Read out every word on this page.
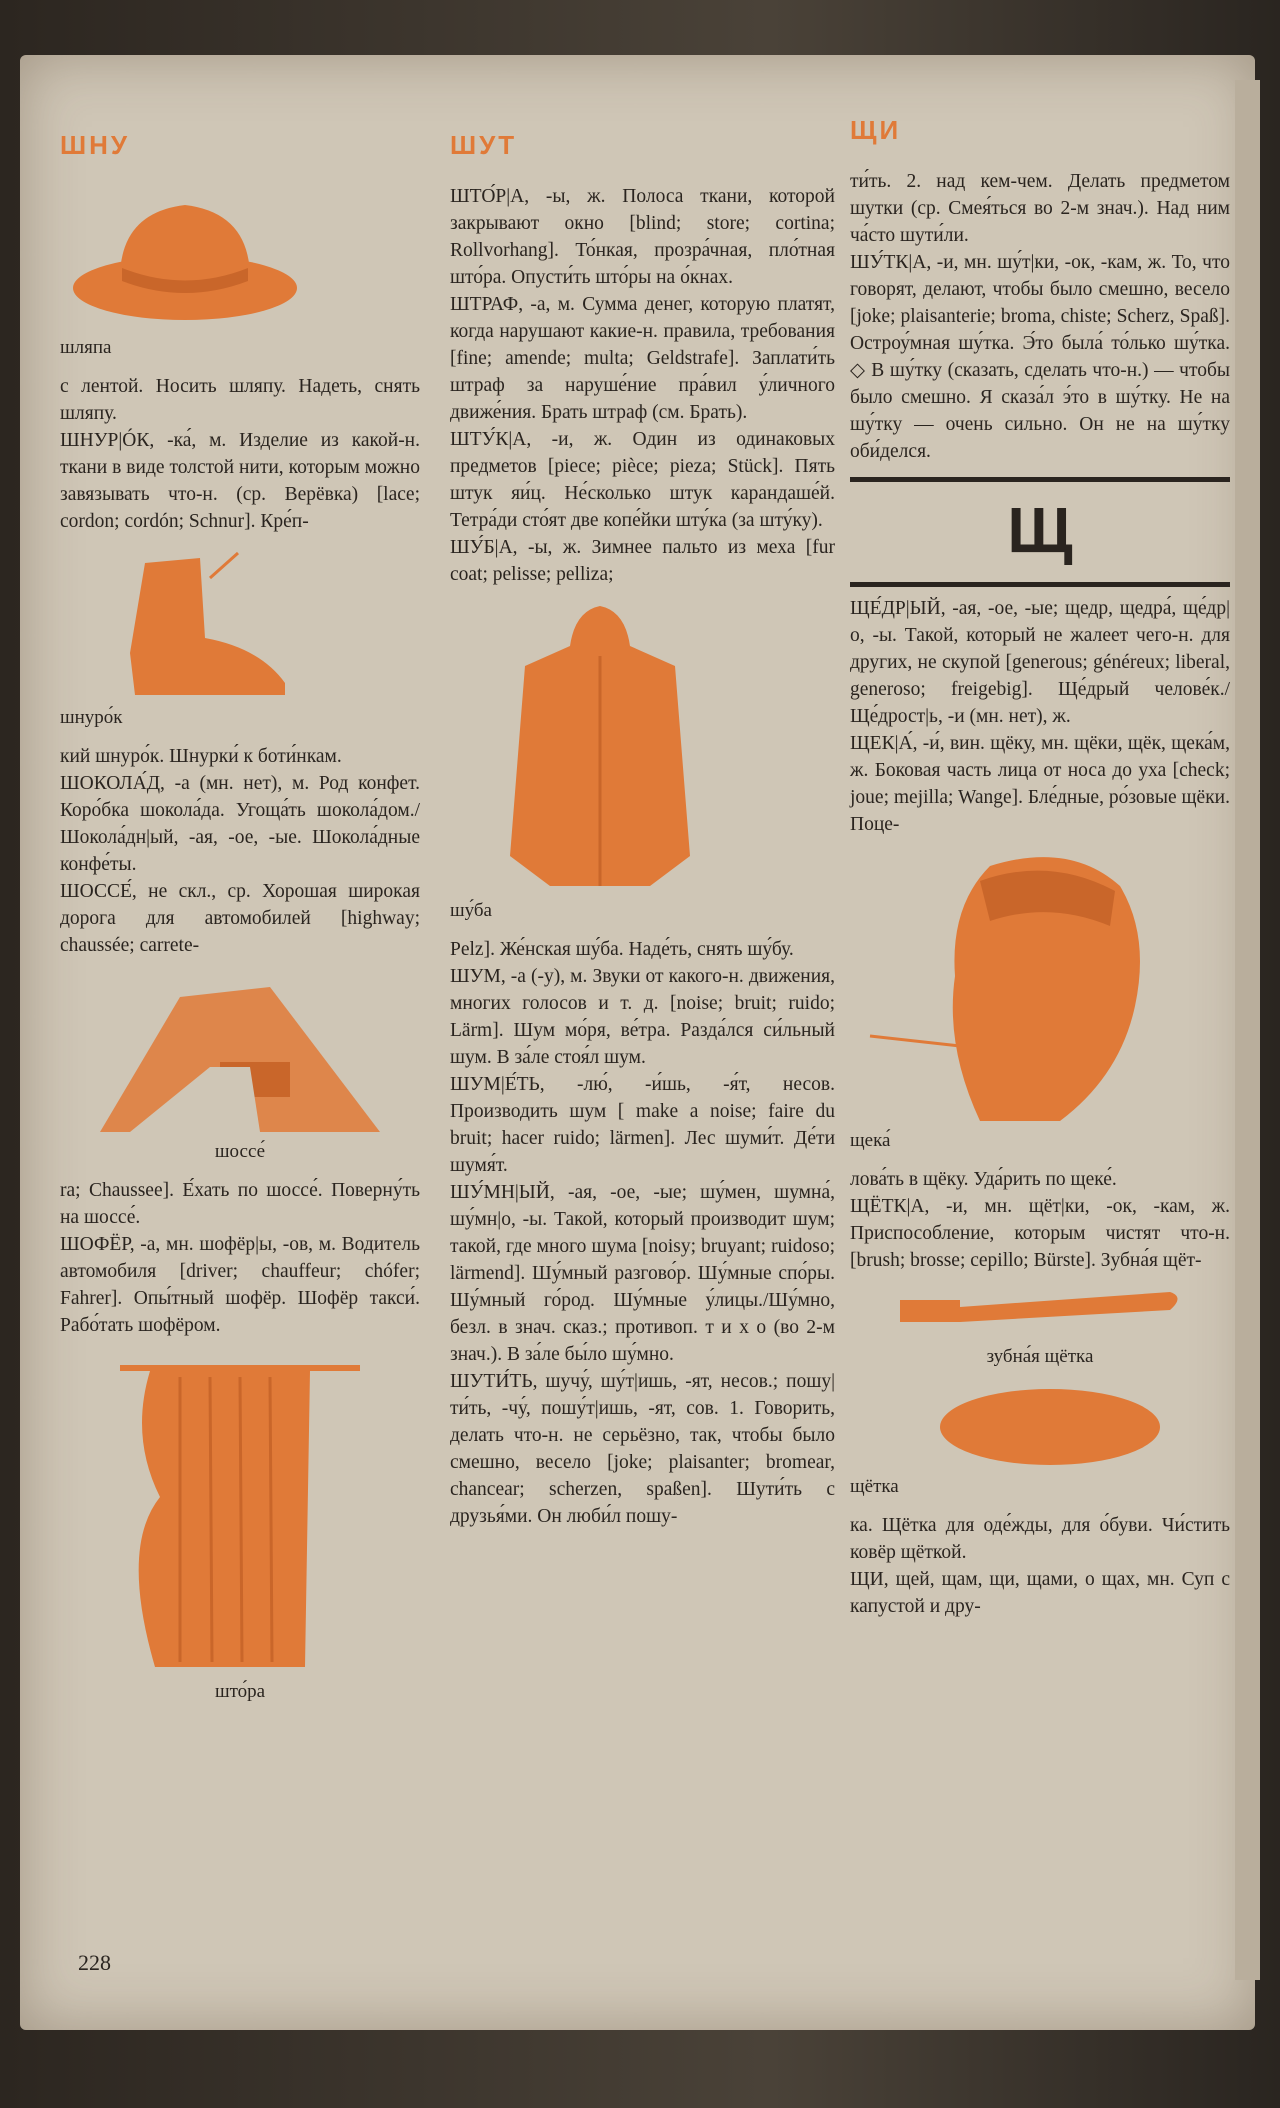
ШНУ

шляпа

с лентой. Носить шляпу. Надеть, снять шляпу.

ШНУР|ÓК, -ка́, м. Изделие из какой-н. ткани в виде толстой нити, которым можно завязывать что-н. (ср. Верёвка) [lace; cordon; cordón; Schnur]. Кре́п-

шнуро́к

кий шнуро́к. Шнурки́ к боти́нкам.

ШОКОЛА́Д, -а (мн. нет), м. Род конфет. Коро́бка шокола́да. Угоща́ть шокола́дом./Шокола́дн|ый, -ая, -ое, -ые. Шокола́дные конфе́ты.

ШОССЕ́, не скл., ср. Хорошая широкая дорога для автомобилей [highway; chaussée; carrete-

шоссе́

ra; Chaussee]. Е́хать по шоссе́. Поверну́ть на шоссе́.

ШОФЁР, -а, мн. шофёр|ы, -ов, м. Водитель автомобиля [driver; chauffeur; chófer; Fahrer]. Опы́тный шофёр. Шофёр такси́. Рабо́тать шофёром.

што́ра

ШУТ

ШТО́Р|А, -ы, ж. Полоса ткани, которой закрывают окно [blind; store; cortina; Rollvorhang]. То́нкая, прозра́чная, пло́тная што́ра. Опусти́ть што́ры на о́кнах.

ШТРАФ, -а, м. Сумма денег, которую платят, когда нарушают какие-н. правила, требования [fine; amende; multa; Geldstrafe]. Заплати́ть штраф за наруше́ние пра́вил у́личного движе́ния. Брать штраф (см. Брать).

ШТУ́К|А, -и, ж. Один из одинаковых предметов [piece; pièce; pieza; Stück]. Пять штук яи́ц. Не́сколько штук карандаше́й. Тетра́ди сто́ят две копе́йки шту́ка (за шту́ку).

ШУ́Б|А, -ы, ж. Зимнее пальто из меха [fur coat; pelisse; pelliza;

шу́ба

Pelz]. Же́нская шу́ба. Наде́ть, снять шу́бу.

ШУМ, -а (-у), м. Звуки от какого-н. движения, многих голосов и т. д. [noise; bruit; ruido; Lärm]. Шум мо́ря, ве́тра. Разда́лся си́льный шум. В за́ле стоя́л шум.

ШУМ|Е́ТЬ, -лю́, -и́шь, -я́т, несов. Производить шум [ make a noise; faire du bruit; hacer ruido; lärmen]. Лес шуми́т. Де́ти шумя́т.

ШУ́МН|ЫЙ, -ая, -ое, -ые; шу́мен, шумна́, шу́мн|о, -ы. Такой, который производит шум; такой, где много шума [noisy; bruyant; ruidoso; lärmend]. Шу́мный разгово́р. Шу́мные спо́ры. Шу́мный го́род. Шу́мные у́лицы./Шу́мно, безл. в знач. сказ.; противоп. т и х о (во 2-м знач.). В за́ле бы́ло шу́мно.

ШУТИ́ТЬ, шучу́, шу́т|ишь, -ят, несов.; пошу|ти́ть, -чу́, пошу́т|ишь, -ят, сов. 1. Говорить, делать что-н. не серьёзно, так, чтобы было смешно, весело [joke; plaisanter; bromear, chancear; scherzen, spaßen]. Шути́ть с друзья́ми. Он люби́л пошу-

ЩИ

ти́ть. 2. над кем-чем. Делать предметом шутки (ср. Смея́ться во 2-м знач.). Над ним ча́сто шути́ли.

ШУ́ТК|А, -и, мн. шу́т|ки, -ок, -кам, ж. То, что говорят, делают, чтобы было смешно, весело [joke; plaisanterie; broma, chiste; Scherz, Spaß]. Остроу́мная шу́тка. Э́то была́ то́лько шу́тка. ◇ В шу́тку (сказать, сделать что-н.) — чтобы было смешно. Я сказа́л э́то в шу́тку. Не на шу́тку — очень сильно. Он не на шу́тку оби́делся.

Щ

ЩЕ́ДР|ЫЙ, -ая, -ое, -ые; щедр, щедра́, ще́др|о, -ы. Такой, который не жалеет чего-н. для других, не скупой [generous; généreux; liberal, generoso; freigebig]. Ще́дрый челове́к./Ще́дрост|ь, -и (мн. нет), ж.

ЩЕК|А́, -и́, вин. щёку, мн. щёки, щёк, щека́м, ж. Боковая часть лица от носа до уха [check; joue; mejilla; Wange]. Бле́дные, ро́зовые щёки. Поце-

щека́

лова́ть в щёку. Уда́рить по щеке́.

ЩЁТК|А, -и, мн. щёт|ки, -ок, -кам, ж. Приспособление, которым чистят что-н. [brush; brosse; cepillo; Bürste]. Зубна́я щёт-

зубна́я щётка

щётка

ка. Щётка для оде́жды, для о́буви. Чи́стить ковёр щёткой.

ЩИ, щей, щам, щи, щами, о щах, мн. Суп с капустой и дру-

228
